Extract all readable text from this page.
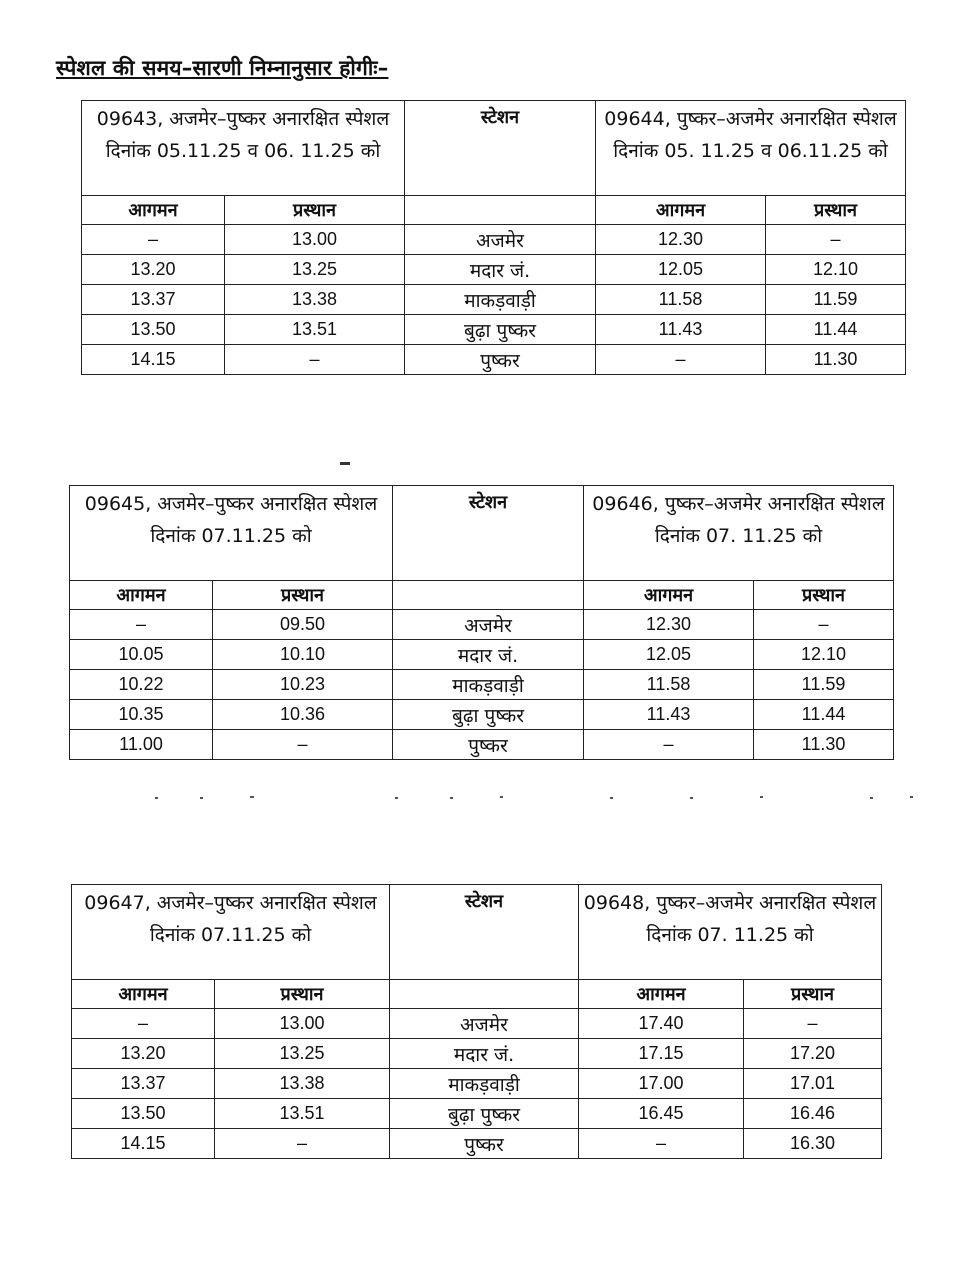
स्पेशल की समय–सारणी निम्नानुसार होगीः–
09643, अजमेर–पुष्कर अनारक्षित स्पेशल दिनांक 05.11.25 व 06. 11.25 को		स्टेशन	09644, पुष्कर–अजमेर अनारक्षित स्पेशल दिनांक 05. 11.25 व 06.11.25 को	
आगमन	प्रस्थान		आगमन	प्रस्थान
–	13.00	अजमेर	12.30	–
13.20	13.25	मदार जं.	12.05	12.10
13.37	13.38	माकड़वाड़ी	11.58	11.59
13.50	13.51	बुढ़ा पुष्कर	11.43	11.44
14.15	–	पुष्कर	–	11.30
09645, अजमेर–पुष्कर अनारक्षित स्पेशल दिनांक 07.11.25 को		स्टेशन	09646, पुष्कर–अजमेर अनारक्षित स्पेशल दिनांक 07. 11.25 को	
आगमन	प्रस्थान		आगमन	प्रस्थान
–	09.50	अजमेर	12.30	–
10.05	10.10	मदार जं.	12.05	12.10
10.22	10.23	माकड़वाड़ी	11.58	11.59
10.35	10.36	बुढ़ा पुष्कर	11.43	11.44
11.00	–	पुष्कर	–	11.30
09647, अजमेर–पुष्कर अनारक्षित स्पेशल दिनांक 07.11.25 को		स्टेशन	09648, पुष्कर–अजमेर अनारक्षित स्पेशल दिनांक 07. 11.25 को	
आगमन	प्रस्थान		आगमन	प्रस्थान
–	13.00	अजमेर	17.40	–
13.20	13.25	मदार जं.	17.15	17.20
13.37	13.38	माकड़वाड़ी	17.00	17.01
13.50	13.51	बुढ़ा पुष्कर	16.45	16.46
14.15	–	पुष्कर	–	16.30
